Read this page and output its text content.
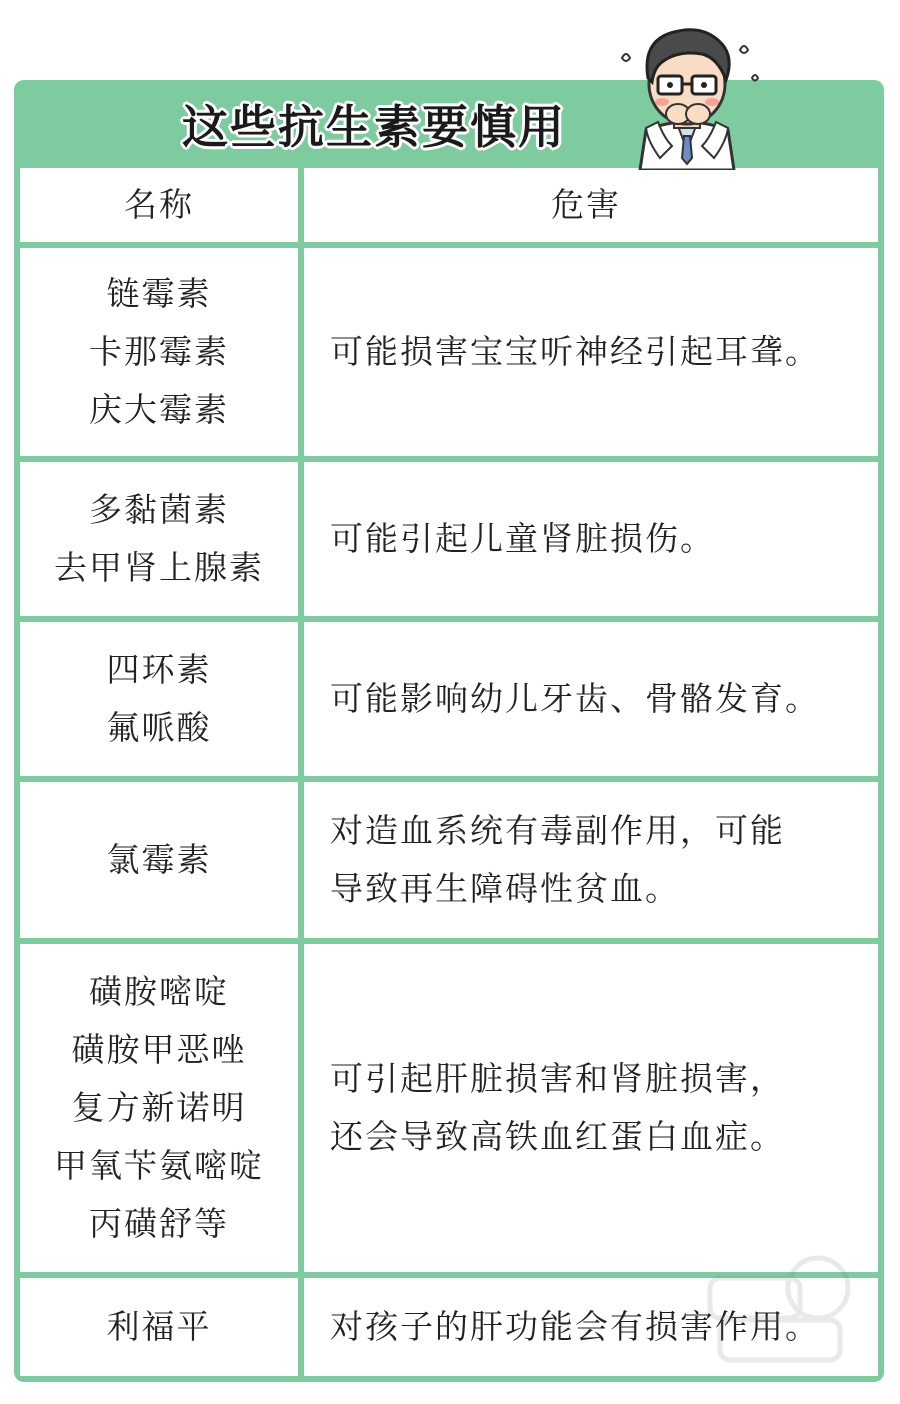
这些抗生素要慎用
名称	危害
链霉素
卡那霉素
庆大霉素
可能损害宝宝听神经引起耳聋。
多黏菌素
去甲肾上腺素
可能引起儿童肾脏损伤。
四环素
氟哌酸
可能影响幼儿牙齿、骨骼发育。
氯霉素
对造血系统有毒副作用，可能
导致再生障碍性贫血。
磺胺嘧啶
磺胺甲恶唑
复方新诺明
甲氧苄氨嘧啶
丙磺舒等
可引起肝脏损害和肾脏损害，
还会导致高铁血红蛋白血症。
利福平	对孩子的肝功能会有损害作用。
